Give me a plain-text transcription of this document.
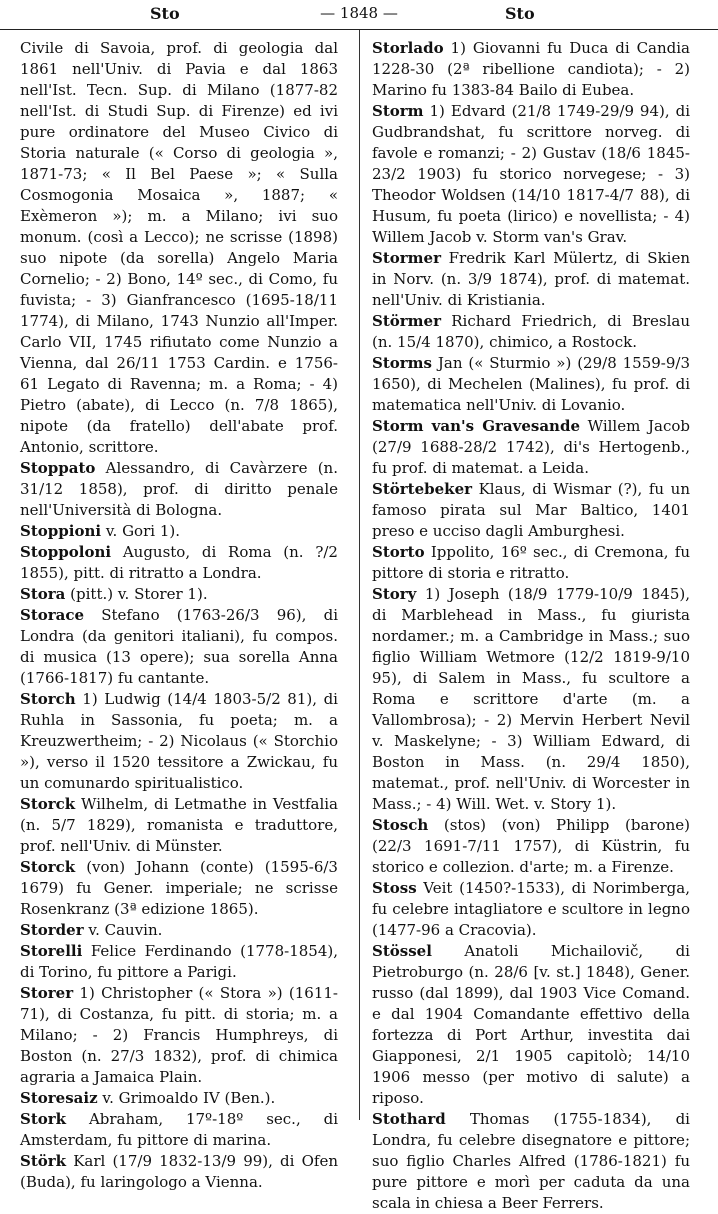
Sto	— 1848 —	Sto

Civile di Savoia, prof. di geologia dal 1861 nell'Univ. di Pavia e dal 1863 nell'Ist. Tecn. Sup. di Milano (1877-82 nell'Ist. di Studi Sup. di Firenze) ed ivi pure ordinatore del Museo Civico di Storia naturale (« Corso di geologia », 1871-73; « Il Bel Paese »; « Sulla Cosmogonia Mosaica », 1887; « Exèmeron »); m. a Milano; ivi suo monum. (così a Lecco); ne scrisse (1898) suo nipote (da sorella) Angelo Maria Cornelio; - 2) Bono, 14º sec., di Como, fu fuvista; - 3) Gianfrancesco (1695-18/11 1774), di Milano, 1743 Nunzio all'Imper. Carlo VII, 1745 rifiutato come Nunzio a Vienna, dal 26/11 1753 Cardin. e 1756-61 Legato di Ravenna; m. a Roma; - 4) Pietro (abate), di Lecco (n. 7/8 1865), nipote (da fratello) dell'abate prof. Antonio, scrittore.

Stoppato Alessandro, di Cavàrzere (n. 31/12 1858), prof. di diritto penale nell'Università di Bologna.

Stoppioni v. Gori 1).

Stoppoloni Augusto, di Roma (n. ?/2 1855), pitt. di ritratto a Londra.

Stora (pitt.) v. Storer 1).

Storace Stefano (1763-26/3 96), di Londra (da genitori italiani), fu compos. di musica (13 opere); sua sorella Anna (1766-1817) fu cantante.

Storch 1) Ludwig (14/4 1803-5/2 81), di Ruhla in Sassonia, fu poeta; m. a Kreuzwertheim; - 2) Nicolaus (« Storchio »), verso il 1520 tessitore a Zwickau, fu un comunardo spiritualistico.

Storck Wilhelm, di Letmathe in Vestfalia (n. 5/7 1829), romanista e traduttore, prof. nell'Univ. di Münster.

Storck (von) Johann (conte) (1595-6/3 1679) fu Gener. imperiale; ne scrisse Rosenkranz (3ª edizione 1865).

Storder v. Cauvin.

Storelli Felice Ferdinando (1778-1854), di Torino, fu pittore a Parigi.

Storer 1) Christopher (« Stora ») (1611-71), di Costanza, fu pitt. di storia; m. a Milano; - 2) Francis Humphreys, di Boston (n. 27/3 1832), prof. di chimica agraria a Jamaica Plain.

Storesaiz v. Grimoaldo IV (Ben.).

Stork Abraham, 17º-18º sec., di Amsterdam, fu pittore di marina.

Störk Karl (17/9 1832-13/9 99), di Ofen (Buda), fu laringologo a Vienna.

Storlado 1) Giovanni fu Duca di Candia 1228-30 (2ª ribellione candiota); - 2) Marino fu 1383-84 Bailo di Eubea.

Storm 1) Edvard (21/8 1749-29/9 94), di Gudbrandshat, fu scrittore norveg. di favole e romanzi; - 2) Gustav (18/6 1845-23/2 1903) fu storico norvegese; - 3) Theodor Woldsen (14/10 1817-4/7 88), di Husum, fu poeta (lirico) e novellista; - 4) Willem Jacob v. Storm van's Grav.

Stormer Fredrik Karl Mülertz, di Skien in Norv. (n. 3/9 1874), prof. di matemat. nell'Univ. di Kristiania.

Störmer Richard Friedrich, di Breslau (n. 15/4 1870), chimico, a Rostock.

Storms Jan (« Sturmio ») (29/8 1559-9/3 1650), di Mechelen (Malines), fu prof. di matematica nell'Univ. di Lovanio.

Storm van's Gravesande Willem Jacob (27/9 1688-28/2 1742), di's Hertogenb., fu prof. di matemat. a Leida.

Störtebeker Klaus, di Wismar (?), fu un famoso pirata sul Mar Baltico, 1401 preso e ucciso dagli Amburghesi.

Storto Ippolito, 16º sec., di Cremona, fu pittore di storia e ritratto.

Story 1) Joseph (18/9 1779-10/9 1845), di Marblehead in Mass., fu giurista nordamer.; m. a Cambridge in Mass.; suo figlio William Wetmore (12/2 1819-9/10 95), di Salem in Mass., fu scultore a Roma e scrittore d'arte (m. a Vallombrosa); - 2) Mervin Herbert Nevil v. Maskelyne; - 3) William Edward, di Boston in Mass. (n. 29/4 1850), matemat., prof. nell'Univ. di Worcester in Mass.; - 4) Will. Wet. v. Story 1).

Stosch (stos) (von) Philipp (barone) (22/3 1691-7/11 1757), di Küstrin, fu storico e collezion. d'arte; m. a Firenze.

Stoss Veit (1450?-1533), di Norimberga, fu celebre intagliatore e scultore in legno (1477-96 a Cracovia).

Stössel Anatoli Michailovič, di Pietroburgo (n. 28/6 [v. st.] 1848), Gener. russo (dal 1899), dal 1903 Vice Comand. e dal 1904 Comandante effettivo della fortezza di Port Arthur, investita dai Giapponesi, 2/1 1905 capitolò; 14/10 1906 messo (per motivo di salute) a riposo.

Stothard Thomas (1755-1834), di Londra, fu celebre disegnatore e pittore; suo figlio Charles Alfred (1786-1821) fu pure pittore e morì per caduta da una scala in chiesa a Beer Ferrers.
